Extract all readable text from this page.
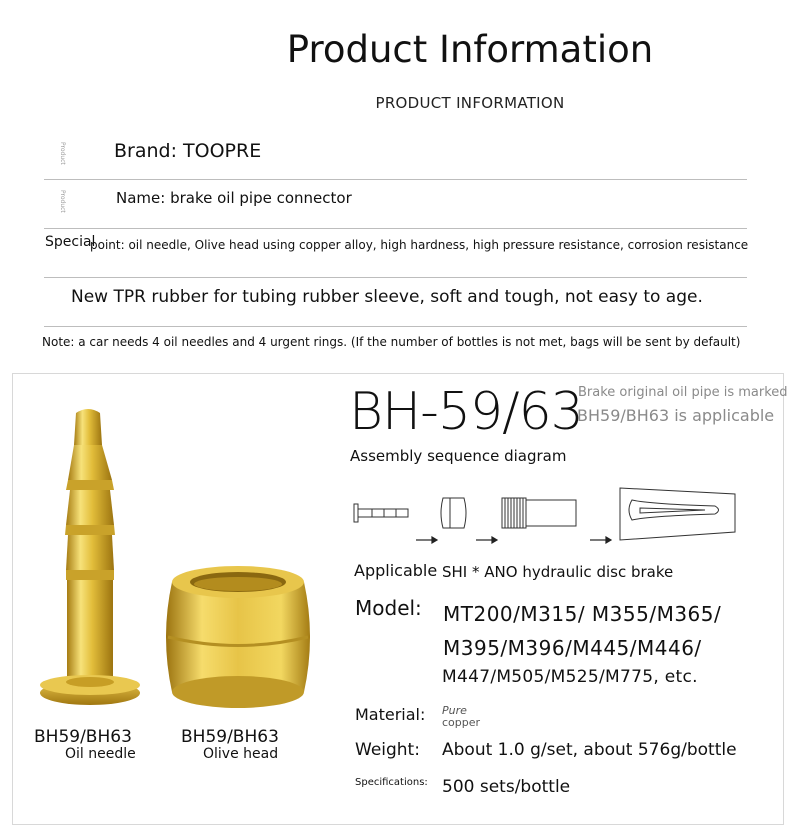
Product Information
PRODUCT INFORMATION
Product	Brand: TOOPRE
Product	Name: brake oil pipe connector
Special
point: oil needle, Olive head using copper alloy, high hardness, high pressure resistance, corrosion resistance
New TPR rubber for tubing rubber sleeve, soft and tough, not easy to age.
Note: a car needs 4 oil needles and 4 urgent rings. (If the number of bottles is not met, bags will be sent by default)
BH59/BH63
Oil needle
BH59/BH63
Olive head
BH-59/63
Brake original oil pipe is marked
BH59/BH63 is applicable
Assembly sequence diagram
Applicable SHI * ANO hydraulic disc brake
Model: MT200/M315/ M355/M365/
M395/M396/M445/M446/
M447/M505/M525/M775, etc.
Material: Pure
copper
Weight: About 1.0 g/set, about 576g/bottle
Specifications: 500 sets/bottle
